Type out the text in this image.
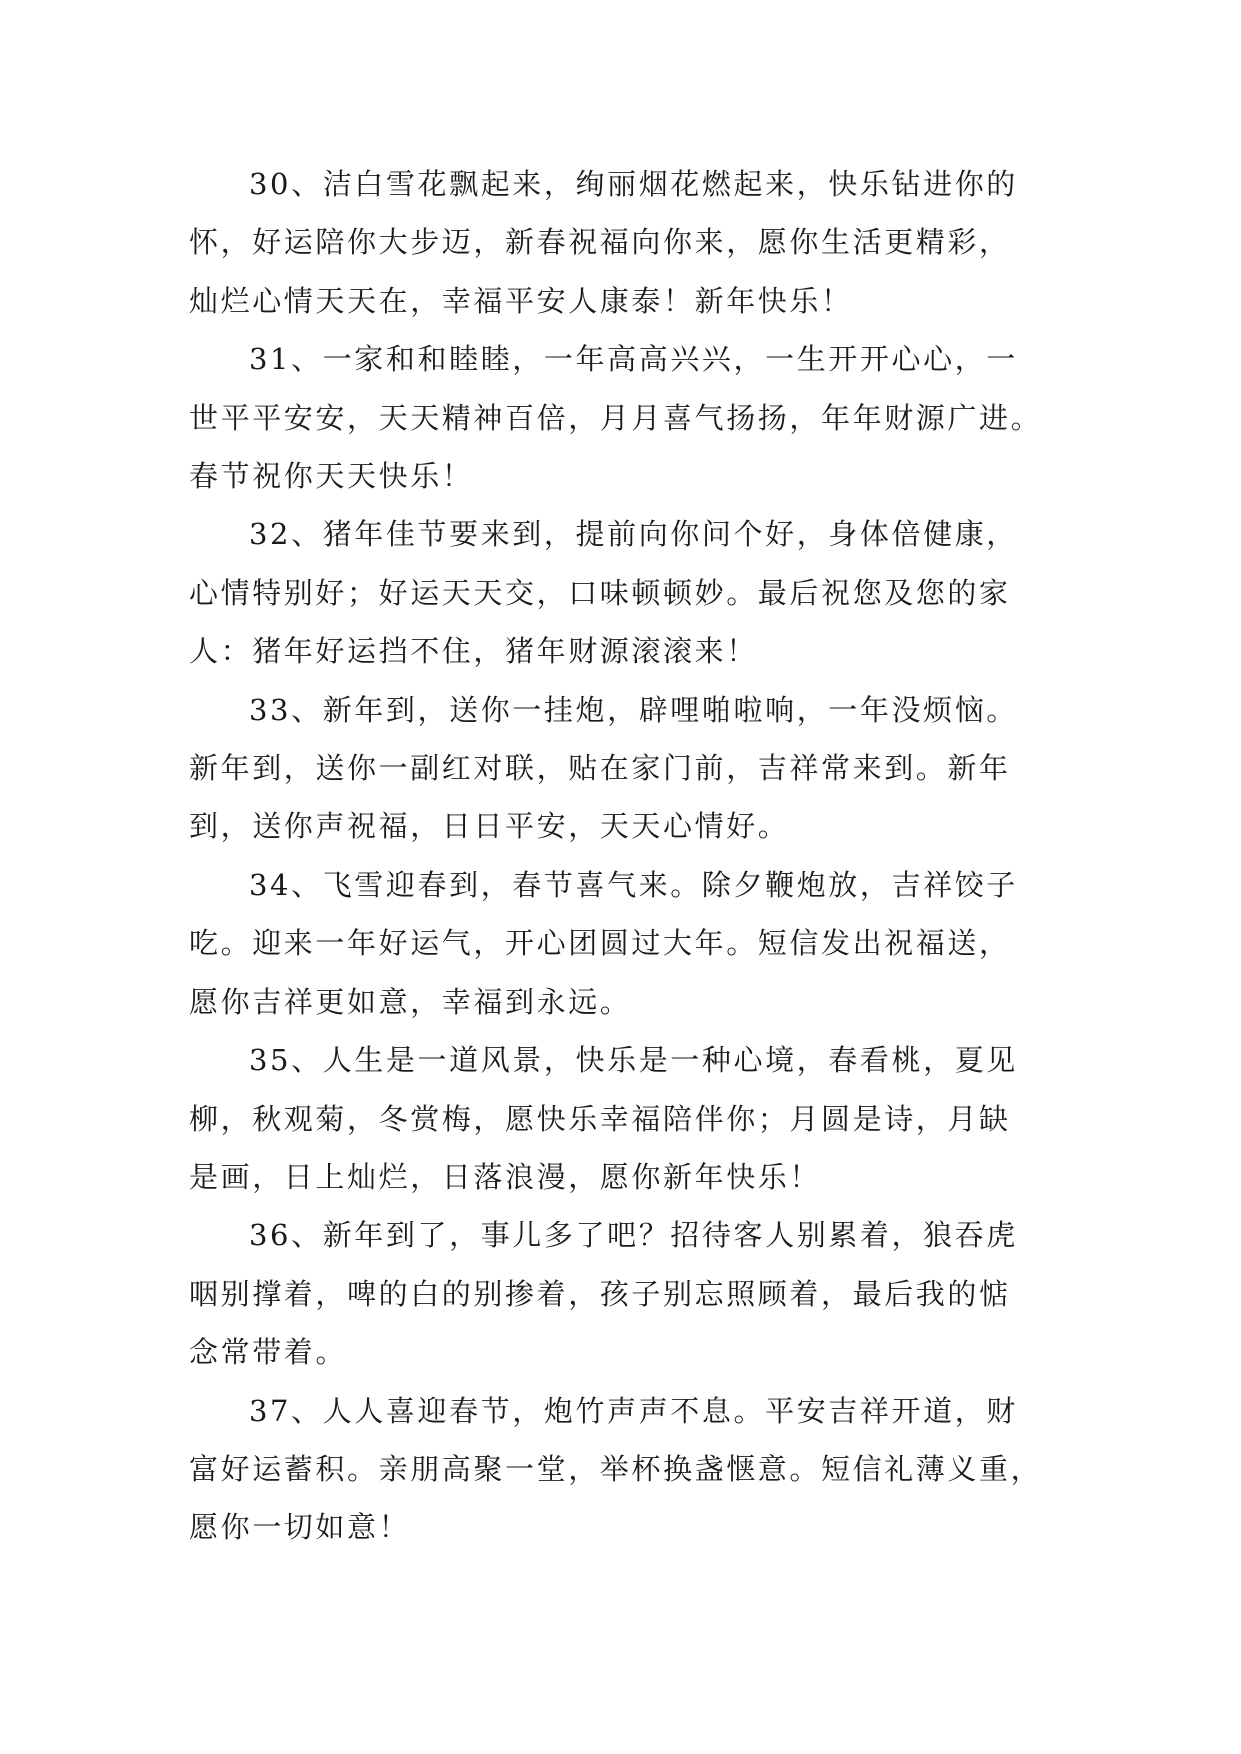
30、洁白雪花飘起来，绚丽烟花燃起来，快乐钻进你的
怀，好运陪你大步迈，新春祝福向你来，愿你生活更精彩，
灿烂心情天天在，幸福平安人康泰！新年快乐！

31、一家和和睦睦，一年高高兴兴，一生开开心心，一
世平平安安，天天精神百倍，月月喜气扬扬，年年财源广进。
春节祝你天天快乐！

32、猪年佳节要来到，提前向你问个好，身体倍健康，
心情特别好；好运天天交，口味顿顿妙。最后祝您及您的家
人：猪年好运挡不住，猪年财源滚滚来！

33、新年到，送你一挂炮，辟哩啪啦响，一年没烦恼。
新年到，送你一副红对联，贴在家门前，吉祥常来到。新年
到，送你声祝福，日日平安，天天心情好。

34、飞雪迎春到，春节喜气来。除夕鞭炮放，吉祥饺子
吃。迎来一年好运气，开心团圆过大年。短信发出祝福送，
愿你吉祥更如意，幸福到永远。

35、人生是一道风景，快乐是一种心境，春看桃，夏见
柳，秋观菊，冬赏梅，愿快乐幸福陪伴你；月圆是诗，月缺
是画，日上灿烂，日落浪漫，愿你新年快乐！

36、新年到了，事儿多了吧？招待客人别累着，狼吞虎
咽别撑着，啤的白的别掺着，孩子别忘照顾着，最后我的惦
念常带着。

37、人人喜迎春节，炮竹声声不息。平安吉祥开道，财
富好运蓄积。亲朋高聚一堂，举杯换盏惬意。短信礼薄义重，
愿你一切如意！
